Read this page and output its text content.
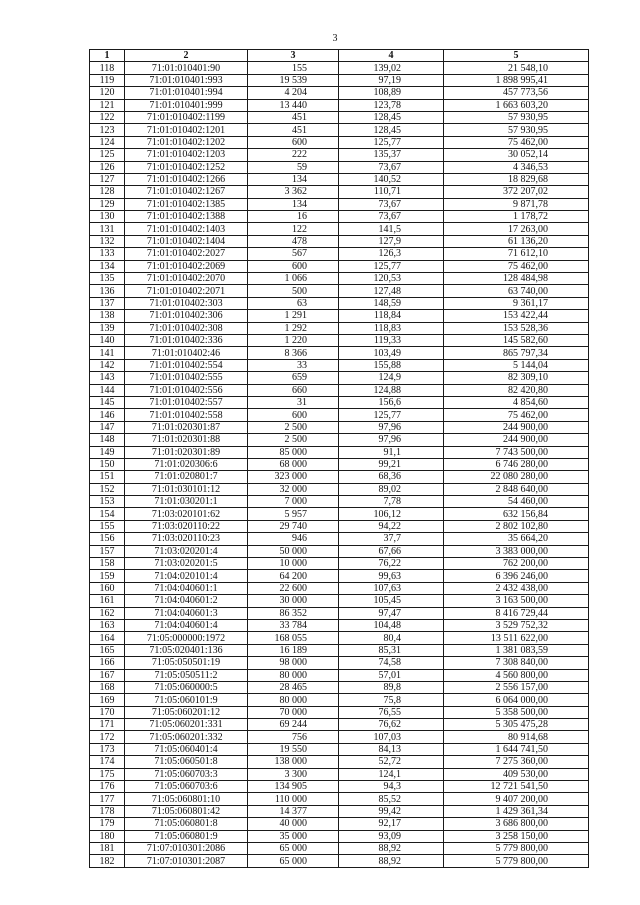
3
1	2	3	4	5
118	71:01:010401:90	155	139,02	21 548,10
119	71:01:010401:993	19 539	97,19	1 898 995,41
120	71:01:010401:994	4 204	108,89	457 773,56
121	71:01:010401:999	13 440	123,78	1 663 603,20
122	71:01:010402:1199	451	128,45	57 930,95
123	71:01:010402:1201	451	128,45	57 930,95
124	71:01:010402:1202	600	125,77	75 462,00
125	71:01:010402:1203	222	135,37	30 052,14
126	71:01:010402:1252	59	73,67	4 346,53
127	71:01:010402:1266	134	140,52	18 829,68
128	71:01:010402:1267	3 362	110,71	372 207,02
129	71:01:010402:1385	134	73,67	9 871,78
130	71:01:010402:1388	16	73,67	1 178,72
131	71:01:010402:1403	122	141,5	17 263,00
132	71:01:010402:1404	478	127,9	61 136,20
133	71:01:010402:2027	567	126,3	71 612,10
134	71:01:010402:2069	600	125,77	75 462,00
135	71:01:010402:2070	1 066	120,53	128 484,98
136	71:01:010402:2071	500	127,48	63 740,00
137	71:01:010402:303	63	148,59	9 361,17
138	71:01:010402:306	1 291	118,84	153 422,44
139	71:01:010402:308	1 292	118,83	153 528,36
140	71:01:010402:336	1 220	119,33	145 582,60
141	71:01:010402:46	8 366	103,49	865 797,34
142	71:01:010402:554	33	155,88	5 144,04
143	71:01:010402:555	659	124,9	82 309,10
144	71:01:010402:556	660	124,88	82 420,80
145	71:01:010402:557	31	156,6	4 854,60
146	71:01:010402:558	600	125,77	75 462,00
147	71:01:020301:87	2 500	97,96	244 900,00
148	71:01:020301:88	2 500	97,96	244 900,00
149	71:01:020301:89	85 000	91,1	7 743 500,00
150	71:01:020306:6	68 000	99,21	6 746 280,00
151	71:01:020801:7	323 000	68,36	22 080 280,00
152	71:01:030101:12	32 000	89,02	2 848 640,00
153	71:01:030201:1	7 000	7,78	54 460,00
154	71:03:020101:62	5 957	106,12	632 156,84
155	71:03:020110:22	29 740	94,22	2 802 102,80
156	71:03:020110:23	946	37,7	35 664,20
157	71:03:020201:4	50 000	67,66	3 383 000,00
158	71:03:020201:5	10 000	76,22	762 200,00
159	71:04:020101:4	64 200	99,63	6 396 246,00
160	71:04:040601:1	22 600	107,63	2 432 438,00
161	71:04:040601:2	30 000	105,45	3 163 500,00
162	71:04:040601:3	86 352	97,47	8 416 729,44
163	71:04:040601:4	33 784	104,48	3 529 752,32
164	71:05:000000:1972	168 055	80,4	13 511 622,00
165	71:05:020401:136	16 189	85,31	1 381 083,59
166	71:05:050501:19	98 000	74,58	7 308 840,00
167	71:05:050511:2	80 000	57,01	4 560 800,00
168	71:05:060000:5	28 465	89,8	2 556 157,00
169	71:05:060101:9	80 000	75,8	6 064 000,00
170	71:05:060201:12	70 000	76,55	5 358 500,00
171	71:05:060201:331	69 244	76,62	5 305 475,28
172	71:05:060201:332	756	107,03	80 914,68
173	71:05:060401:4	19 550	84,13	1 644 741,50
174	71:05:060501:8	138 000	52,72	7 275 360,00
175	71:05:060703:3	3 300	124,1	409 530,00
176	71:05:060703:6	134 905	94,3	12 721 541,50
177	71:05:060801:10	110 000	85,52	9 407 200,00
178	71:05:060801:42	14 377	99,42	1 429 361,34
179	71:05:060801:8	40 000	92,17	3 686 800,00
180	71:05:060801:9	35 000	93,09	3 258 150,00
181	71:07:010301:2086	65 000	88,92	5 779 800,00
182	71:07:010301:2087	65 000	88,92	5 779 800,00
